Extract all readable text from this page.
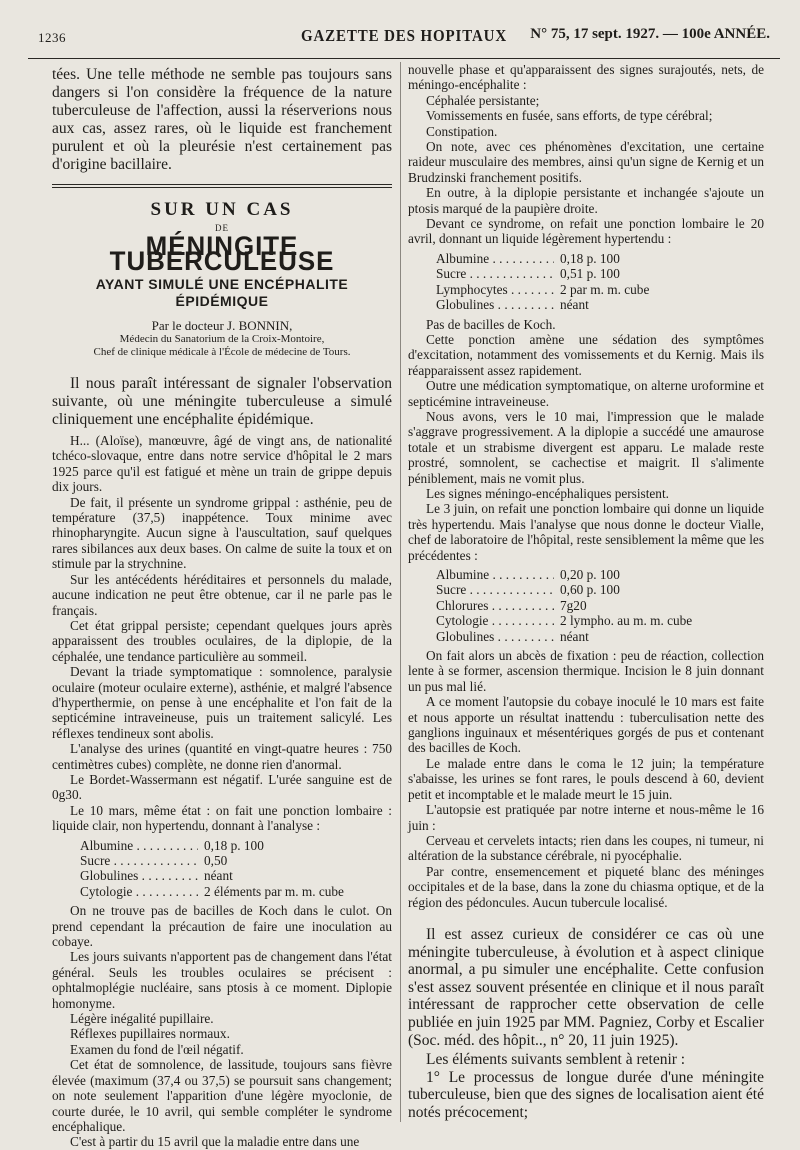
1236	GAZETTE DES HOPITAUX	N° 75, 17 sept. 1927. — 100e ANNÉE.

tées. Une telle méthode ne semble pas toujours sans dangers si l'on considère la fréquence de la nature tuberculeuse de l'affection, aussi la réserverions nous aux cas, assez rares, où le liquide est franchement purulent et où la pleurésie n'est certainement pas d'origine bacillaire.

SUR UN CAS
DE
MÉNINGITE TUBERCULEUSE
AYANT SIMULÉ UNE ENCÉPHALITE ÉPIDÉMIQUE
Par le docteur J. BONNIN,
Médecin du Sanatorium de la Croix-Montoire,
Chef de clinique médicale à l'École de médecine de Tours.

Il nous paraît intéressant de signaler l'observation suivante, où une méningite tuberculeuse a simulé cliniquement une encéphalite épidémique.

H... (Aloïse), manœuvre, âgé de vingt ans, de nationalité tchéco-slovaque, entre dans notre service d'hôpital le 2 mars 1925 parce qu'il est fatigué et mène un train de grippe depuis dix jours.

De fait, il présente un syndrome grippal : asthénie, peu de température (37,5) inappétence. Toux minime avec rhinopharyngite. Aucun signe à l'auscultation, sauf quelques rares sibilances aux deux bases. On calme de suite la toux et on stimule par la strychnine.

Sur les antécédents héréditaires et personnels du malade, aucune indication ne peut être obtenue, car il ne parle pas le français.

Cet état grippal persiste; cependant quelques jours après apparaissent des troubles oculaires, de la diplopie, de la céphalée, une tendance particulière au sommeil.

Devant la triade symptomatique : somnolence, paralysie oculaire (moteur oculaire externe), asthénie, et malgré l'absence d'hyperthermie, on pense à une encéphalite et l'on fait de la septicémine intraveineuse, puis un traitement salicylé. Les réflexes tendineux sont abolis.

L'analyse des urines (quantité en vingt-quatre heures : 750 centimètres cubes) complète, ne donne rien d'anormal.

Le Bordet-Wassermann est négatif. L'urée sanguine est de 0g30.

Le 10 mars, même état : on fait une ponction lombaire : liquide clair, non hypertendu, donnant à l'analyse :

Albumine . . .	0,18 p. 100
Sucre . . .	0,50
Globulines . . .	néant
Cytologie . . .	2 éléments par m. m. cube

On ne trouve pas de bacilles de Koch dans le culot. On prend cependant la précaution de faire une inoculation au cobaye.

Les jours suivants n'apportent pas de changement dans l'état général. Seuls les troubles oculaires se précisent : ophtalmoplégie nucléaire, sans ptosis à ce moment. Diplopie homonyme.

Légère inégalité pupillaire.

Réflexes pupillaires normaux.

Examen du fond de l'œil négatif.

Cet état de somnolence, de lassitude, toujours sans fièvre élevée (maximum (37,4 ou 37,5) se poursuit sans changement; on note seulement l'apparition d'une légère myoclonie, de courte durée, le 10 avril, qui semble compléter le syndrome encéphalique.

C'est à partir du 15 avril que la maladie entre dans une

nouvelle phase et qu'apparaissent des signes surajoutés, nets, de méningo-encéphalite :

Céphalée persistante;

Vomissements en fusée, sans efforts, de type cérébral;

Constipation.

On note, avec ces phénomènes d'excitation, une certaine raideur musculaire des membres, ainsi qu'un signe de Kernig et un Brudzinski franchement positifs.

En outre, à la diplopie persistante et inchangée s'ajoute un ptosis marqué de la paupière droite.

Devant ce syndrome, on refait une ponction lombaire le 20 avril, donnant un liquide légèrement hypertendu :

Albumine . . .	0,18 p. 100
Sucre . . .	0,51 p. 100
Lymphocytes . . .	2 par m. m. cube
Globulines . . .	néant

Pas de bacilles de Koch.

Cette ponction amène une sédation des symptômes d'excitation, notamment des vomissements et du Kernig. Mais ils réapparaissent assez rapidement.

Outre une médication symptomatique, on alterne uroformine et septicémine intraveineuse.

Nous avons, vers le 10 mai, l'impression que le malade s'aggrave progressivement. A la diplopie a succédé une amaurose totale et un strabisme divergent est apparu. Le malade reste prostré, somnolent, se cachectise et maigrit. Il s'alimente péniblement, mais ne vomit plus.

Les signes méningo-encéphaliques persistent.

Le 3 juin, on refait une ponction lombaire qui donne un liquide très hypertendu. Mais l'analyse que nous donne le docteur Vialle, chef de laboratoire de l'hôpital, reste sensiblement la même que les précédentes :

Albumine . . .	0,20 p. 100
Sucre . . .	0,60 p. 100
Chlorures . . .	7g20
Cytologie . . .	2 lympho. au m. m. cube
Globulines . . .	néant

On fait alors un abcès de fixation : peu de réaction, collection lente à se former, ascension thermique. Incision le 8 juin donnant un pus mal lié.

A ce moment l'autopsie du cobaye inoculé le 10 mars est faite et nous apporte un résultat inattendu : tuberculisation nette des ganglions inguinaux et mésentériques gorgés de pus et contenant des bacilles de Koch.

Le malade entre dans le coma le 12 juin; la température s'abaisse, les urines se font rares, le pouls descend à 60, devient petit et incomptable et le malade meurt le 15 juin.

L'autopsie est pratiquée par notre interne et nous-même le 16 juin :

Cerveau et cervelets intacts; rien dans les coupes, ni tumeur, ni altération de la substance cérébrale, ni pyocéphalie.

Par contre, ensemencement et piqueté blanc des méninges occipitales et de la base, dans la zone du chiasma optique, et de la région des pédoncules. Aucun tubercule localisé.

Il est assez curieux de considérer ce cas où une méningite tuberculeuse, à évolution et à aspect clinique anormal, a pu simuler une encéphalite. Cette confusion s'est assez souvent présentée en clinique et il nous paraît intéressant de rapprocher cette observation de celle publiée en juin 1925 par MM. Pagniez, Corby et Escalier (Soc. méd. des hôpit.., n° 20, 11 juin 1925).

Les éléments suivants semblent à retenir :

1° Le processus de longue durée d'une méningite tuberculeuse, bien que des signes de localisation aient été notés précocement;
